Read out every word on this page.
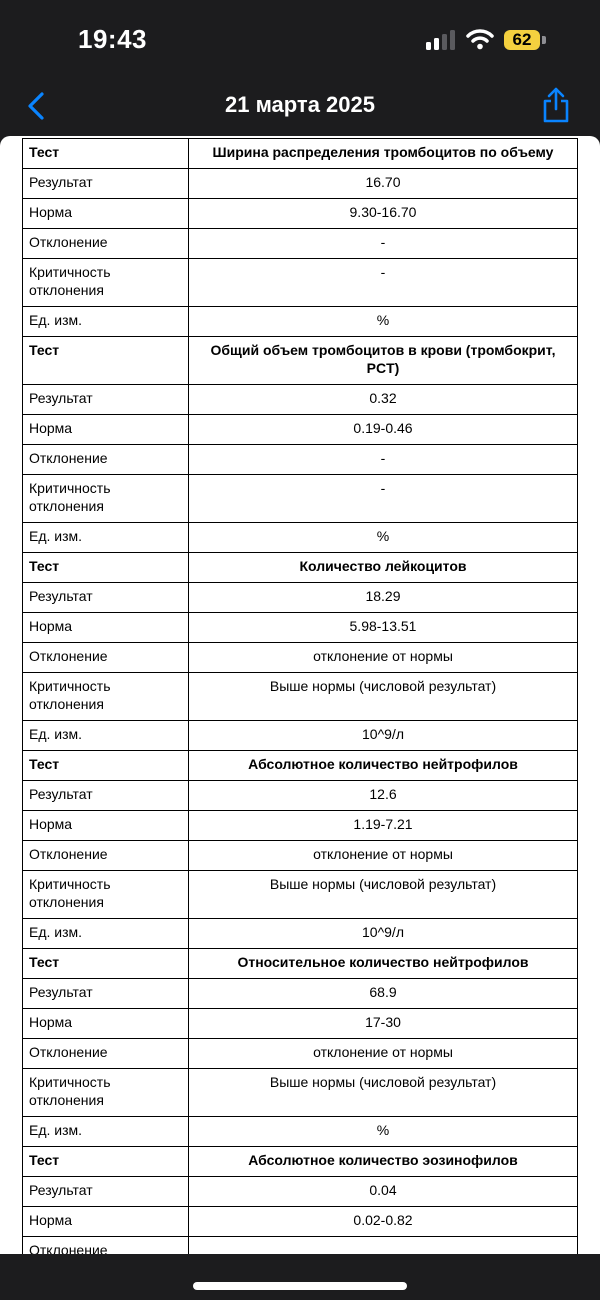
19:43	62
21 марта 2025
Тест	Ширина распределения тромбоцитов по объему
Результат	16.70
Норма	9.30-16.70
Отклонение	-
Критичность отклонения	-
Ед. изм.	%
Тест	Общий объем тромбоцитов в крови (тромбокрит, PCT)
Результат	0.32
Норма	0.19-0.46
Отклонение	-
Критичность отклонения	-
Ед. изм.	%
Тест	Количество лейкоцитов
Результат	18.29
Норма	5.98-13.51
Отклонение	отклонение от нормы
Критичность отклонения	Выше нормы (числовой результат)
Ед. изм.	10^9/л
Тест	Абсолютное количество нейтрофилов
Результат	12.6
Норма	1.19-7.21
Отклонение	отклонение от нормы
Критичность отклонения	Выше нормы (числовой результат)
Ед. изм.	10^9/л
Тест	Относительное количество нейтрофилов
Результат	68.9
Норма	17-30
Отклонение	отклонение от нормы
Критичность отклонения	Выше нормы (числовой результат)
Ед. изм.	%
Тест	Абсолютное количество эозинофилов
Результат	0.04
Норма	0.02-0.82
Отклонение	
